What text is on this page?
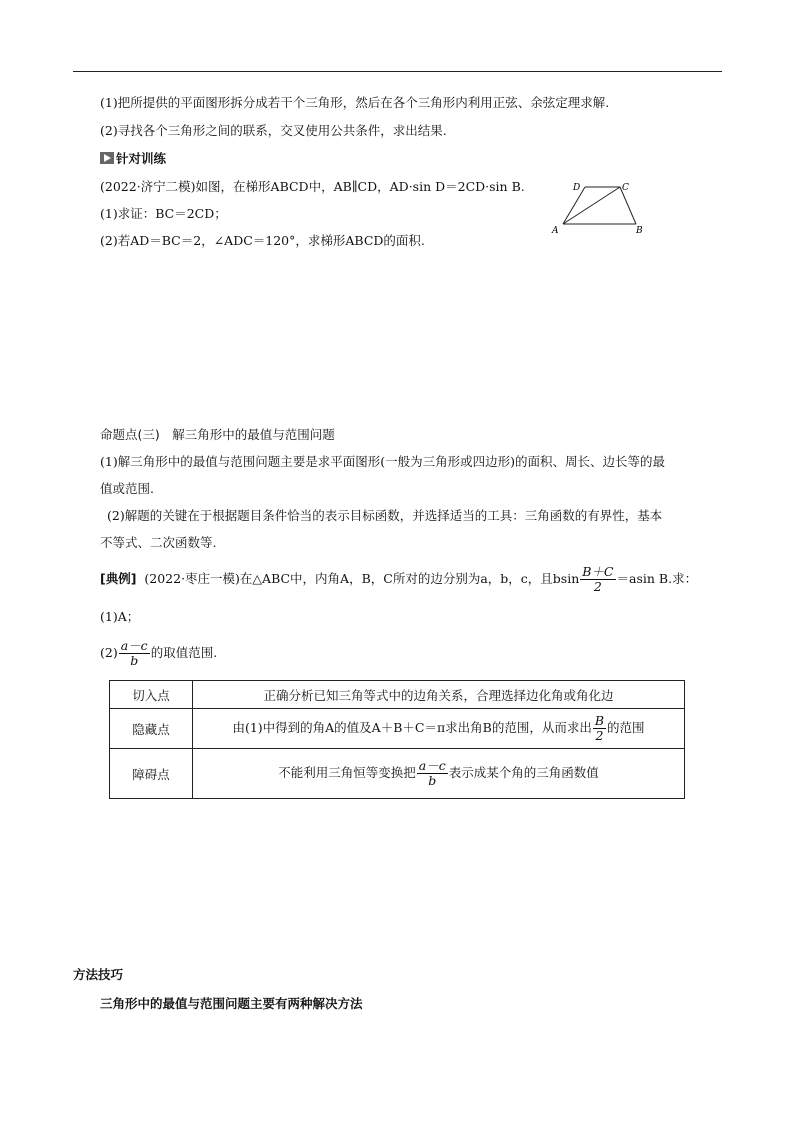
(1)把所提供的平面图形拆分成若干个三角形，然后在各个三角形内利用正弦、余弦定理求解.
(2)寻找各个三角形之间的联系，交叉使用公共条件，求出结果.
针对训练
(2022·济宁二模)如图，在梯形ABCD中，AB∥CD，AD·sin D＝2CD·sin B.
(1)求证：BC＝2CD；
(2)若AD＝BC＝2，∠ADC＝120°，求梯形ABCD的面积.
D	C
A	B
命题点(三)　解三角形中的最值与范围问题
(1)解三角形中的最值与范围问题主要是求平面图形(一般为三角形或四边形)的面积、周长、边长等的最
值或范围.
(2)解题的关键在于根据题目条件恰当的表示目标函数，并选择适当的工具：三角函数的有界性，基本
不等式、二次函数等.
[典例] (2022·枣庄一模)在△ABC中，内角A，B，C所对的边分别为a，b，c，且bsin $\frac{B+C}{2} =asin$ B.求：
(1)A；
$(2) \frac{a-c}{b}$ 的取值范围.
切入点	正确分析已知三角等式中的边角关系，合理选择边化角或角化边
隐藏点	由(1)中得到的角A的值及A＋B＋C＝π求出角B的范围，从而求出 $\frac{B}{2}$ 的范围
障碍点	不能利用三角恒等变换把 $\frac{a-c}{b}$ 表示成某个角的三角函数值
方法技巧
三角形中的最值与范围问题主要有两种解决方法
